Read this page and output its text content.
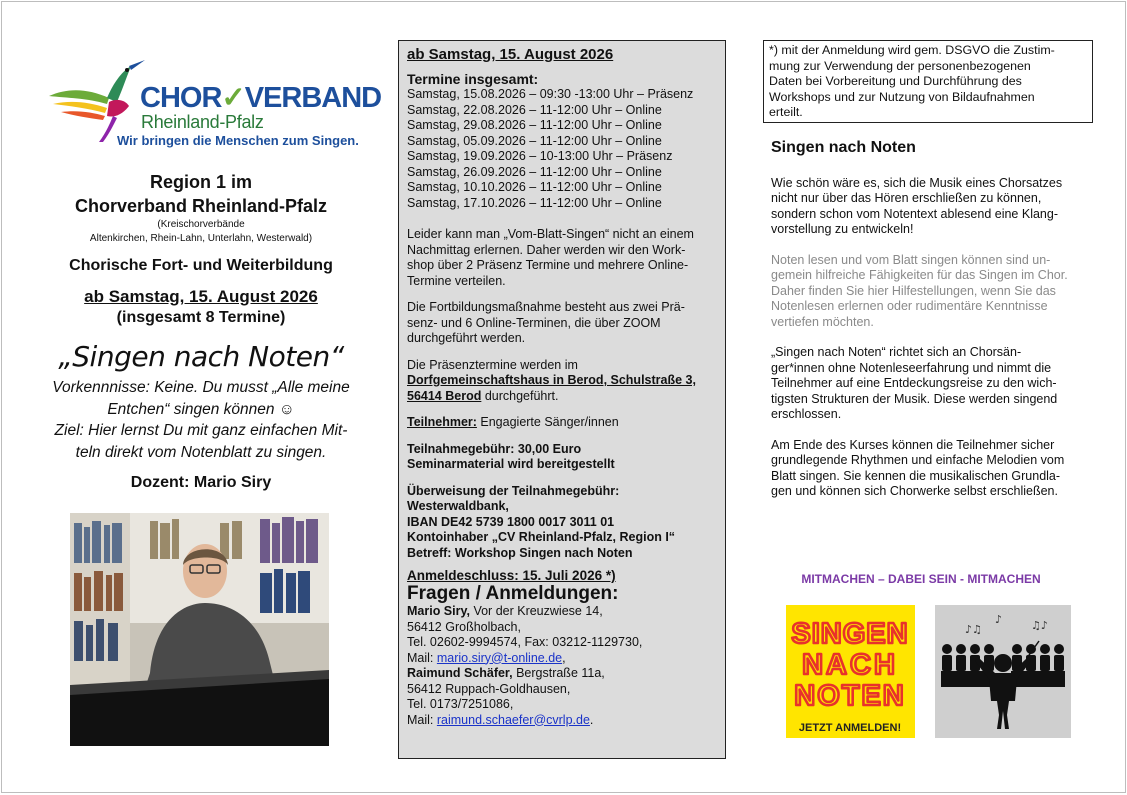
CHOR✓VERBAND
Rheinland-Pfalz
Wir bringen die Menschen zum Singen.
Region 1 im
Chorverband Rheinland-Pfalz
(Kreischorverbände
Altenkirchen, Rhein-Lahn, Unterlahn, Westerwald)
Chorische Fort- und Weiterbildung
ab Samstag, 15. August 2026
(insgesamt 8 Termine)
„Singen nach Noten“
Vorkennnisse: Keine. Du musst „Alle meine
Entchen“ singen können ☺
Ziel: Hier lernst Du mit ganz einfachen Mit-
teln direkt vom Notenblatt zu singen.
Dozent: Mario Siry
ab Samstag, 15. August 2026
Termine insgesamt:

Samstag, 15.08.2026 – 09:30 -13:00 Uhr – Präsenz
Samstag, 22.08.2026 – 11-12:00 Uhr – Online
Samstag, 29.08.2026 – 11-12:00 Uhr – Online
Samstag, 05.09.2026 – 11-12:00 Uhr – Online
Samstag, 19.09.2026 – 10-13:00 Uhr – Präsenz
Samstag, 26.09.2026 – 11-12:00 Uhr – Online
Samstag, 10.10.2026 – 11-12:00 Uhr – Online
Samstag, 17.10.2026 – 11-12:00 Uhr – Online

Leider kann man „Vom-Blatt-Singen“ nicht an einem
Nachmittag erlernen. Daher werden wir den Work-
shop über 2 Präsenz Termine und mehrere Online-
Termine verteilen.

Die Fortbildungsmaßnahme besteht aus zwei Prä-
senz- und 6 Online-Terminen, die über ZOOM
durchgeführt werden.

Die Präsenztermine werden im
Dorfgemeinschaftshaus in Berod, Schulstraße 3,
56414 Berod durchgeführt.

Teilnehmer: Engagierte Sänger/innen

Teilnahmegebühr: 30,00 Euro
Seminarmaterial wird bereitgestellt

Überweisung der Teilnahmegebühr:
Westerwaldbank,
IBAN DE42 5739 1800 0017 3011 01
Kontoinhaber „CV Rheinland-Pfalz, Region I“
Betreff: Workshop Singen nach Noten

Anmeldeschluss: 15. Juli 2026 *)
Fragen / Anmeldungen:
Mario Siry, Vor der Kreuzwiese 14,
56412 Großholbach,
Tel. 02602-9994574, Fax: 03212-1129730,
Mail: mario.siry@t-online.de,
Raimund Schäfer, Bergstraße 11a,
56412 Ruppach-Goldhausen,
Tel. 0173/7251086,
Mail: raimund.schaefer@cvrlp.de.
*) mit der Anmeldung wird gem. DSGVO die Zustim-
mung zur Verwendung der personenbezogenen
Daten bei Vorbereitung und Durchführung des
Workshops und zur Nutzung von Bildaufnahmen
erteilt.
Singen nach Noten

Wie schön wäre es, sich die Musik eines Chorsatzes
nicht nur über das Hören erschließen zu können,
sondern schon vom Notentext ablesend eine Klang-
vorstellung zu entwickeln!

Noten lesen und vom Blatt singen können sind un-
gemein hilfreiche Fähigkeiten für das Singen im Chor.
Daher finden Sie hier Hilfestellungen, wenn Sie das
Notenlesen erlernen oder rudimentäre Kenntnisse
vertiefen möchten.

„Singen nach Noten“ richtet sich an Chorsän-
ger*innen ohne Notenleseerfahrung und nimmt die
Teilnehmer auf eine Entdeckungsreise zu den wich-
tigsten Strukturen der Musik. Diese werden singend
erschlossen.

Am Ende des Kurses können die Teilnehmer sicher
grundlegende Rhythmen und einfache Melodien vom
Blatt singen. Sie kennen die musikalischen Grundla-
gen und können sich Chorwerke selbst erschließen.

MITMACHEN – DABEI SEIN - MITMACHEN
SINGEN
NACH
NOTEN
JETZT ANMELDEN!
♪♫	♫♪
♪
